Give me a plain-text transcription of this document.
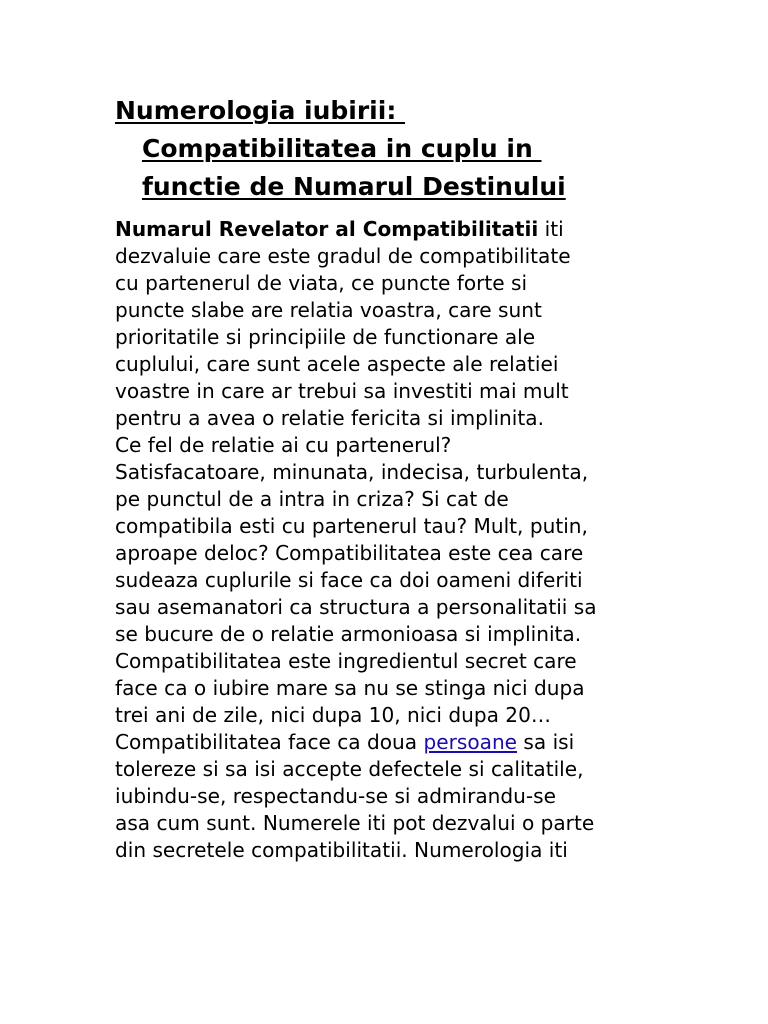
Numerologia iubirii:
Compatibilitatea in cuplu in
functie de Numarul Destinului
Numarul Revelator al Compatibilitatii iti
dezvaluie care este gradul de compatibilitate
cu partenerul de viata, ce puncte forte si
puncte slabe are relatia voastra, care sunt
prioritatile si principiile de functionare ale
cuplului, care sunt acele aspecte ale relatiei
voastre in care ar trebui sa investiti mai mult
pentru a avea o relatie fericita si implinita.
Ce fel de relatie ai cu partenerul?
Satisfacatoare, minunata, indecisa, turbulenta,
pe punctul de a intra in criza? Si cat de
compatibila esti cu partenerul tau? Mult, putin,
aproape deloc? Compatibilitatea este cea care
sudeaza cuplurile si face ca doi oameni diferiti
sau asemanatori ca structura a personalitatii sa
se bucure de o relatie armonioasa si implinita.
Compatibilitatea este ingredientul secret care
face ca o iubire mare sa nu se stinga nici dupa
trei ani de zile, nici dupa 10, nici dupa 20…
Compatibilitatea face ca doua persoane sa isi
tolereze si sa isi accepte defectele si calitatile,
iubindu-se, respectandu-se si admirandu-se
asa cum sunt. Numerele iti pot dezvalui o parte
din secretele compatibilitatii. Numerologia iti
